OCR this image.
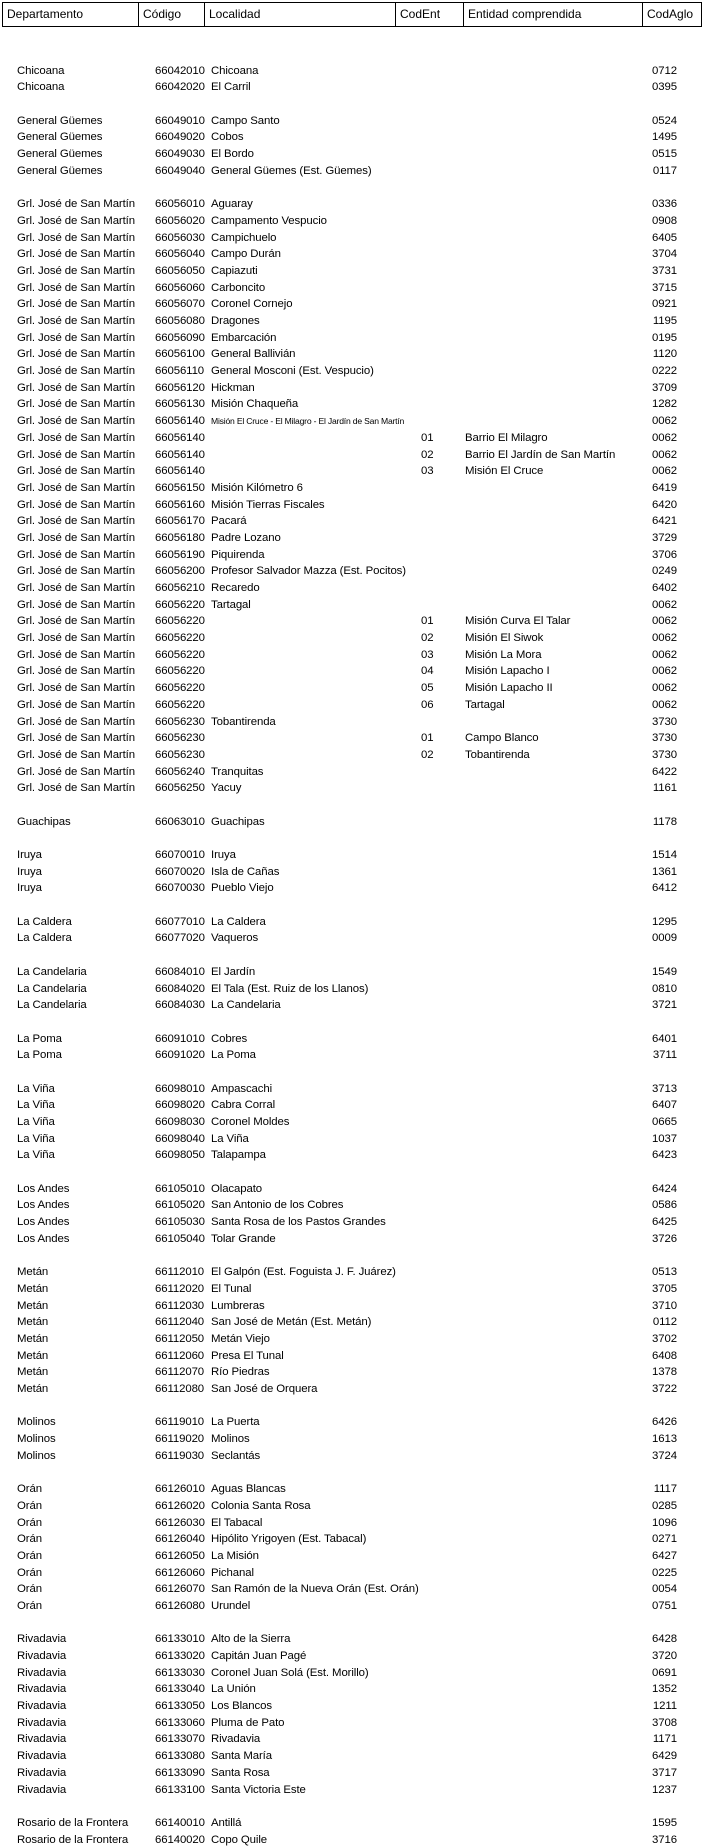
Departamento	Código	Localidad	CodEnt	Entidad comprendida	CodAglo
Chicoana	66042010 Chicoana	0712
Chicoana	66042020 El Carril	0395
General Güemes	66049010 Campo Santo	0524
General Güemes	66049020 Cobos	1495
General Güemes	66049030 El Bordo	0515
General Güemes	66049040 General Güemes (Est. Güemes)	0117
Grl. José de San Martín 66056010 Aguaray	0336
Grl. José de San Martín 66056020 Campamento Vespucio	0908
Grl. José de San Martín 66056030 Campichuelo	6405
Grl. José de San Martín 66056040 Campo Durán	3704
Grl. José de San Martín 66056050 Capiazuti	3731
Grl. José de San Martín 66056060 Carboncito	3715
Grl. José de San Martín 66056070 Coronel Cornejo	0921
Grl. José de San Martín 66056080 Dragones	1195
Grl. José de San Martín 66056090 Embarcación	0195
Grl. José de San Martín 66056100 General Ballivián	1120
Grl. José de San Martín 66056110 General Mosconi (Est. Vespucio)	0222
Grl. José de San Martín 66056120 Hickman	3709
Grl. José de San Martín 66056130 Misión Chaqueña	1282
Grl. José de San Martín 66056140 Misión El Cruce - El Milagro - El Jardín de San Martín	0062
Grl. José de San Martín 66056140	01	Barrio El Milagro	0062
Grl. José de San Martín 66056140	02	Barrio El Jardín de San Martín	0062
Grl. José de San Martín 66056140	03	Misión El Cruce	0062
Grl. José de San Martín 66056150 Misión Kilómetro 6	6419
Grl. José de San Martín 66056160 Misión Tierras Fiscales	6420
Grl. José de San Martín 66056170 Pacará	6421
Grl. José de San Martín 66056180 Padre Lozano	3729
Grl. José de San Martín 66056190 Piquirenda	3706
Grl. José de San Martín 66056200 Profesor Salvador Mazza (Est. Pocitos)	0249
Grl. José de San Martín 66056210 Recaredo	6402
Grl. José de San Martín 66056220 Tartagal	0062
Grl. José de San Martín 66056220	01	Misión Curva El Talar	0062
Grl. José de San Martín 66056220	02	Misión El Siwok	0062
Grl. José de San Martín 66056220	03	Misión La Mora	0062
Grl. José de San Martín 66056220	04	Misión Lapacho I	0062
Grl. José de San Martín 66056220	05	Misión Lapacho II	0062
Grl. José de San Martín 66056220	06	Tartagal	0062
Grl. José de San Martín 66056230 Tobantirenda	3730
Grl. José de San Martín 66056230	01	Campo Blanco	3730
Grl. José de San Martín 66056230	02	Tobantirenda	3730
Grl. José de San Martín 66056240 Tranquitas	6422
Grl. José de San Martín 66056250 Yacuy	1161
Guachipas	66063010 Guachipas	1178
Iruya	66070010 Iruya	1514
Iruya	66070020 Isla de Cañas	1361
Iruya	66070030 Pueblo Viejo	6412
La Caldera	66077010 La Caldera	1295
La Caldera	66077020 Vaqueros	0009
La Candelaria	66084010 El Jardín	1549
La Candelaria	66084020 El Tala (Est. Ruiz de los Llanos)	0810
La Candelaria	66084030 La Candelaria	3721
La Poma	66091010 Cobres	6401
La Poma	66091020 La Poma	3711
La Viña	66098010 Ampascachi	3713
La Viña	66098020 Cabra Corral	6407
La Viña	66098030 Coronel Moldes	0665
La Viña	66098040 La Viña	1037
La Viña	66098050 Talapampa	6423
Los Andes	66105010 Olacapato	6424
Los Andes	66105020 San Antonio de los Cobres	0586
Los Andes	66105030 Santa Rosa de los Pastos Grandes	6425
Los Andes	66105040 Tolar Grande	3726
Metán	66112010 El Galpón (Est. Foguista J. F. Juárez)	0513
Metán	66112020 El Tunal	3705
Metán	66112030 Lumbreras	3710
Metán	66112040 San José de Metán (Est. Metán)	0112
Metán	66112050 Metán Viejo	3702
Metán	66112060 Presa El Tunal	6408
Metán	66112070 Río Piedras	1378
Metán	66112080 San José de Orquera	3722
Molinos	66119010 La Puerta	6426
Molinos	66119020 Molinos	1613
Molinos	66119030 Seclantás	3724
Orán	66126010 Aguas Blancas	1117
Orán	66126020 Colonia Santa Rosa	0285
Orán	66126030 El Tabacal	1096
Orán	66126040 Hipólito Yrigoyen (Est. Tabacal)	0271
Orán	66126050 La Misión	6427
Orán	66126060 Pichanal	0225
Orán	66126070 San Ramón de la Nueva Orán (Est. Orán)	0054
Orán	66126080 Urundel	0751
Rivadavia	66133010 Alto de la Sierra	6428
Rivadavia	66133020 Capitán Juan Pagé	3720
Rivadavia	66133030 Coronel Juan Solá (Est. Morillo)	0691
Rivadavia	66133040 La Unión	1352
Rivadavia	66133050 Los Blancos	1211
Rivadavia	66133060 Pluma de Pato	3708
Rivadavia	66133070 Rivadavia	1171
Rivadavia	66133080 Santa María	6429
Rivadavia	66133090 Santa Rosa	3717
Rivadavia	66133100 Santa Victoria Este	1237
Rosario de la Frontera 66140010 Antillá	1595
Rosario de la Frontera 66140020 Copo Quile	3716
